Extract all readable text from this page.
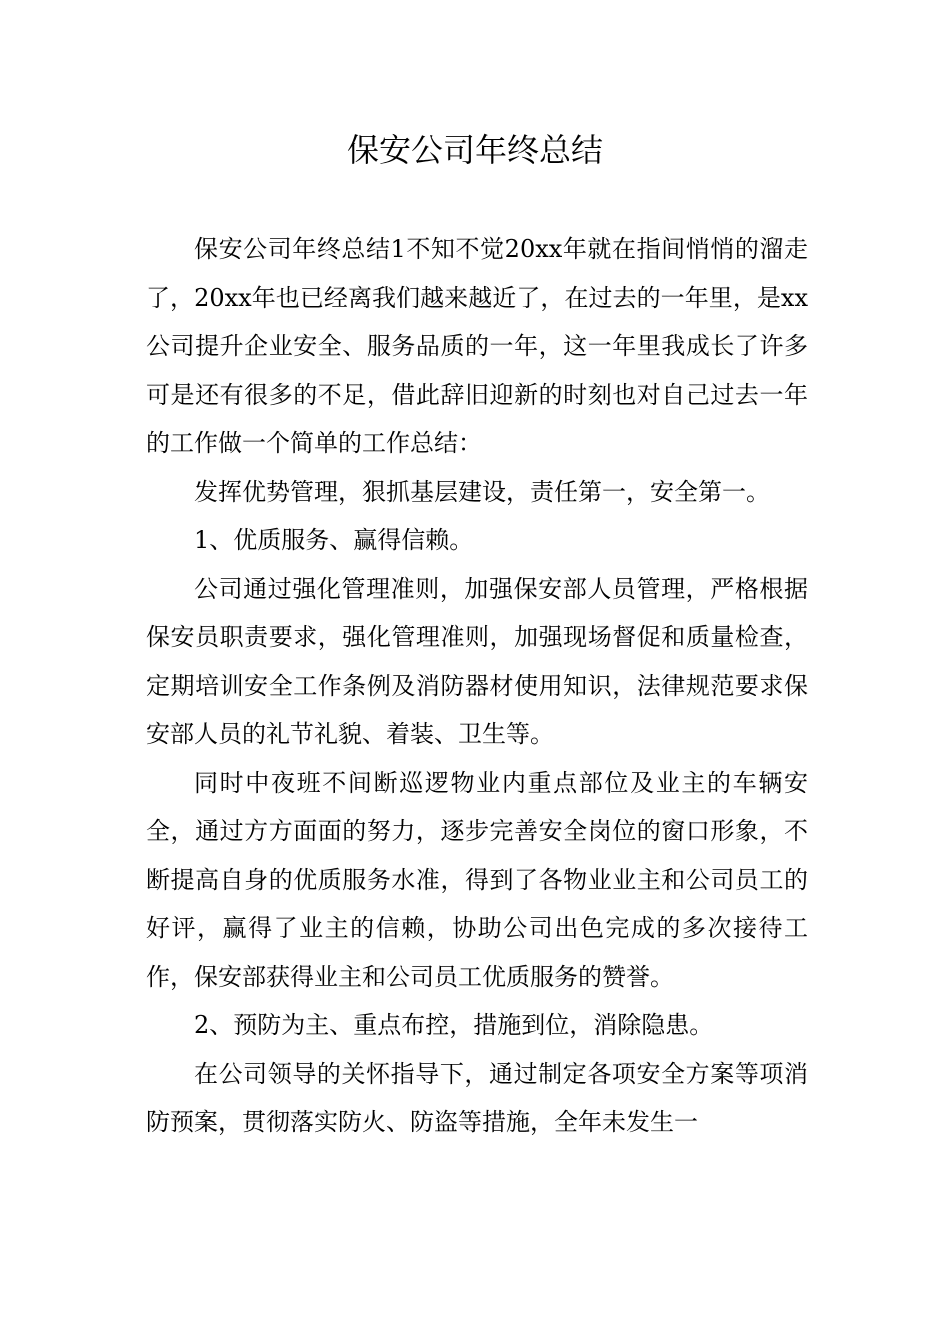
保安公司年终总结

保安公司年终总结1不知不觉20xx年就在指间悄悄的溜走了，20xx年也已经离我们越来越近了，在过去的一年里，是xx公司提升企业安全、服务品质的一年，这一年里我成长了许多可是还有很多的不足，借此辞旧迎新的时刻也对自己过去一年的工作做一个简单的工作总结：

发挥优势管理，狠抓基层建设，责任第一，安全第一。

1、优质服务、赢得信赖。

公司通过强化管理准则，加强保安部人员管理，严格根据保安员职责要求，强化管理准则，加强现场督促和质量检查，定期培训安全工作条例及消防器材使用知识，法律规范要求保安部人员的礼节礼貌、着装、卫生等。

同时中夜班不间断巡逻物业内重点部位及业主的车辆安全，通过方方面面的努力，逐步完善安全岗位的窗口形象，不断提高自身的优质服务水准，得到了各物业业主和公司员工的好评，赢得了业主的信赖，协助公司出色完成的多次接待工作，保安部获得业主和公司员工优质服务的赞誉。

2、预防为主、重点布控，措施到位，消除隐患。

在公司领导的关怀指导下，通过制定各项安全方案等项消防预案，贯彻落实防火、防盗等措施，全年未发生一
